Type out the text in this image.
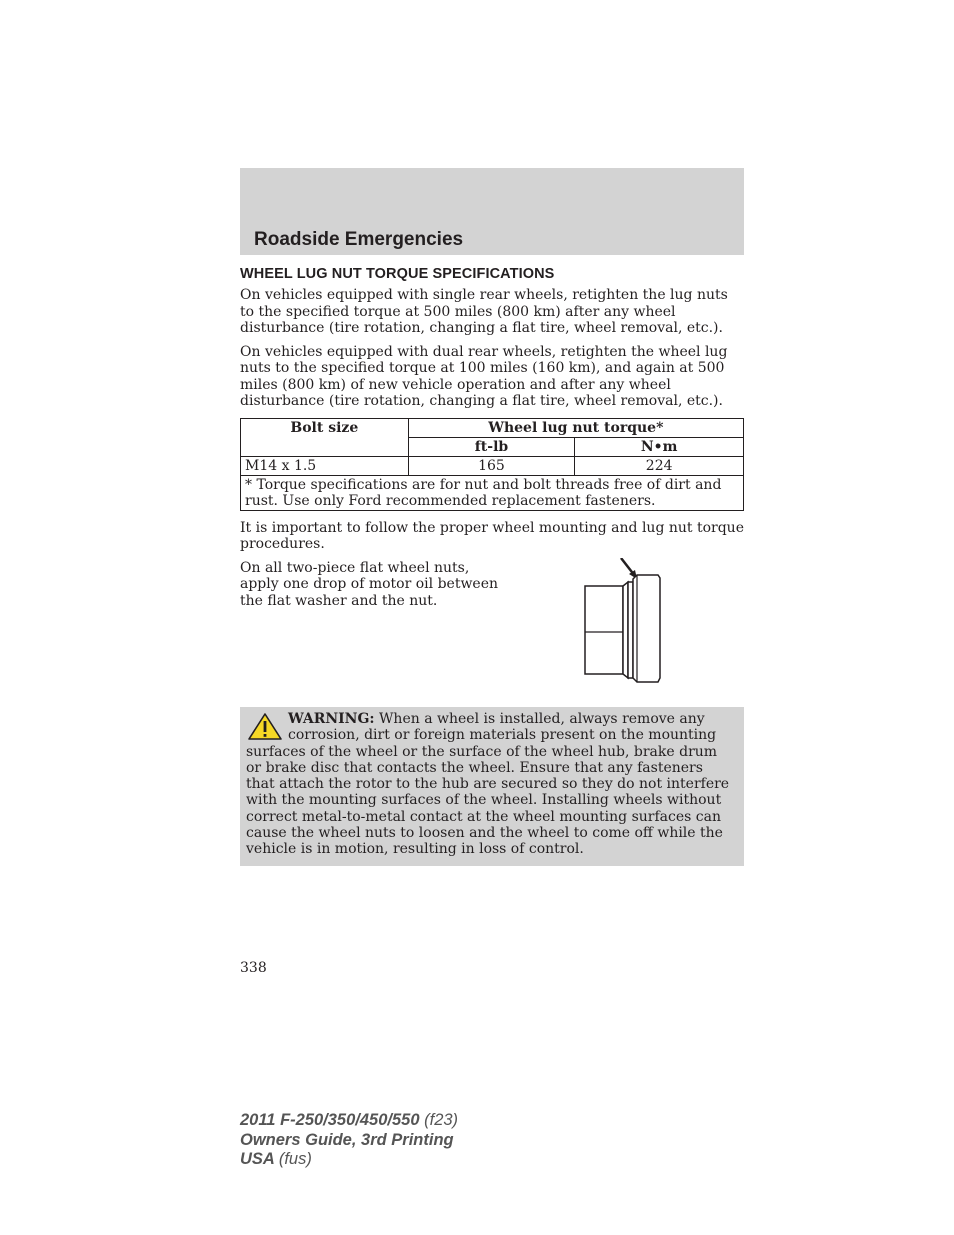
Roadside Emergencies
WHEEL LUG NUT TORQUE SPECIFICATIONS

On vehicles equipped with single rear wheels, retighten the lug nuts to the specified torque at 500 miles (800 km) after any wheel disturbance (tire rotation, changing a flat tire, wheel removal, etc.).

On vehicles equipped with dual rear wheels, retighten the wheel lug nuts to the specified torque at 100 miles (160 km), and again at 500 miles (800 km) of new vehicle operation and after any wheel disturbance (tire rotation, changing a flat tire, wheel removal, etc.).

Bolt size	Wheel lug nut torque*	
	ft-lb	N•m
M14 x 1.5	165	224
* Torque specifications are for nut and bolt threads free of dirt and rust. Use only Ford recommended replacement fasteners.		

It is important to follow the proper wheel mounting and lug nut torque procedures.

On all two-piece flat wheel nuts, apply one drop of motor oil between the flat washer and the nut.

WARNING: When a wheel is installed, always remove any corrosion, dirt or foreign materials present on the mounting surfaces of the wheel or the surface of the wheel hub, brake drum or brake disc that contacts the wheel. Ensure that any fasteners that attach the rotor to the hub are secured so they do not interfere with the mounting surfaces of the wheel. Installing wheels without correct metal-to-metal contact at the wheel mounting surfaces can cause the wheel nuts to loosen and the wheel to come off while the vehicle is in motion, resulting in loss of control.
338
2011 F-250/350/450/550 (f23)
Owners Guide, 3rd Printing
USA (fus)
